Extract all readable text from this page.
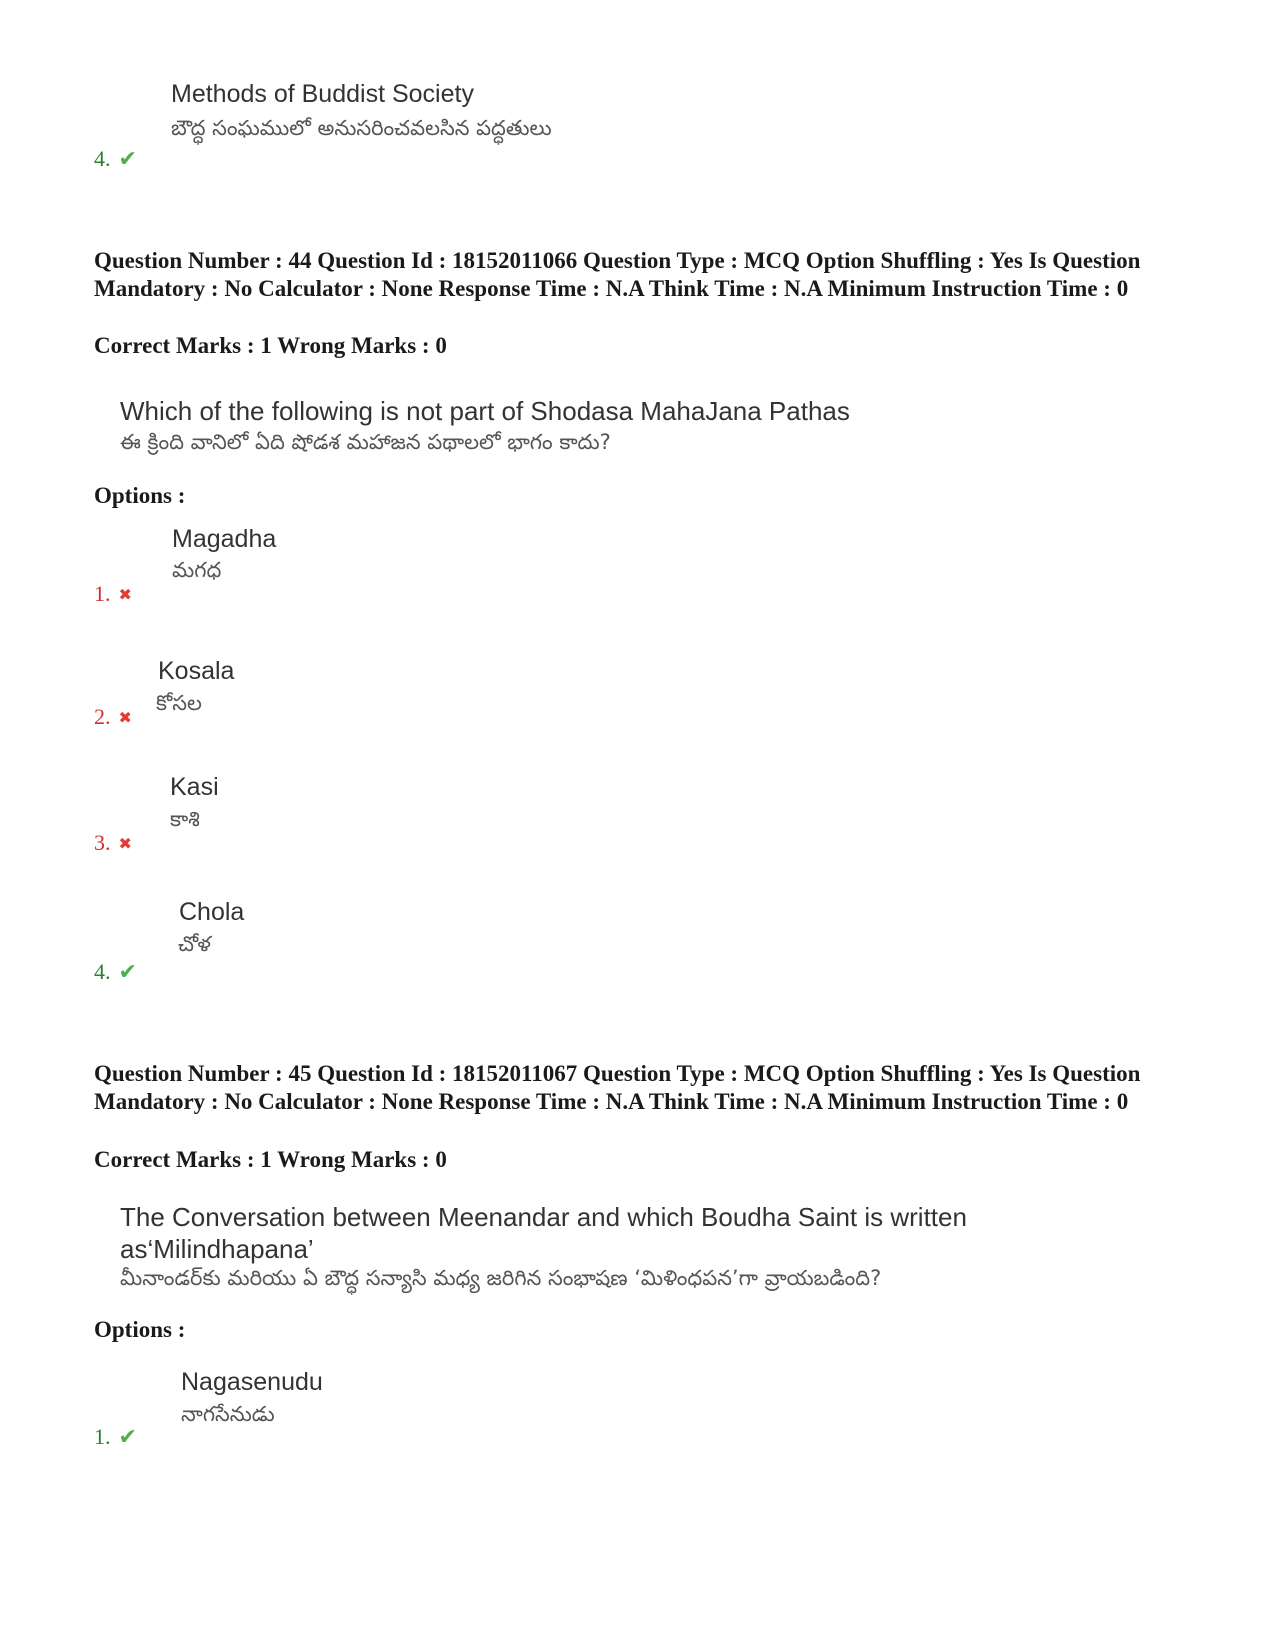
Methods of Buddist Society
బౌద్ధ సంఘములో అనుసరించవలసిన పద్ధతులు
4. ✔
Question Number : 44 Question Id : 18152011066 Question Type : MCQ Option Shuffling : Yes Is Question Mandatory : No Calculator : None Response Time : N.A Think Time : N.A Minimum Instruction Time : 0
Correct Marks : 1 Wrong Marks : 0
Which of the following is not part of Shodasa MahaJana Pathas
ఈ క్రింది వానిలో ఏది షోడశ మహాజన పథాలలో భాగం కాదు?
Options :
Magadha
మగధ
1. ✖
Kosala
కోసల
2. ✖
Kasi
కాశి
3. ✖
Chola
చోళ
4. ✔
Question Number : 45 Question Id : 18152011067 Question Type : MCQ Option Shuffling : Yes Is Question Mandatory : No Calculator : None Response Time : N.A Think Time : N.A Minimum Instruction Time : 0
Correct Marks : 1 Wrong Marks : 0
The Conversation between Meenandar and which Boudha Saint is written as‘Milindhapana’
మీనాండర్‌కు మరియు ఏ బౌద్ధ సన్యాసి మధ్య జరిగిన సంభాషణ ‘మిళింధపన’గా వ్రాయబడింది?
Options :
Nagasenudu
నాగసేనుడు
1. ✔
